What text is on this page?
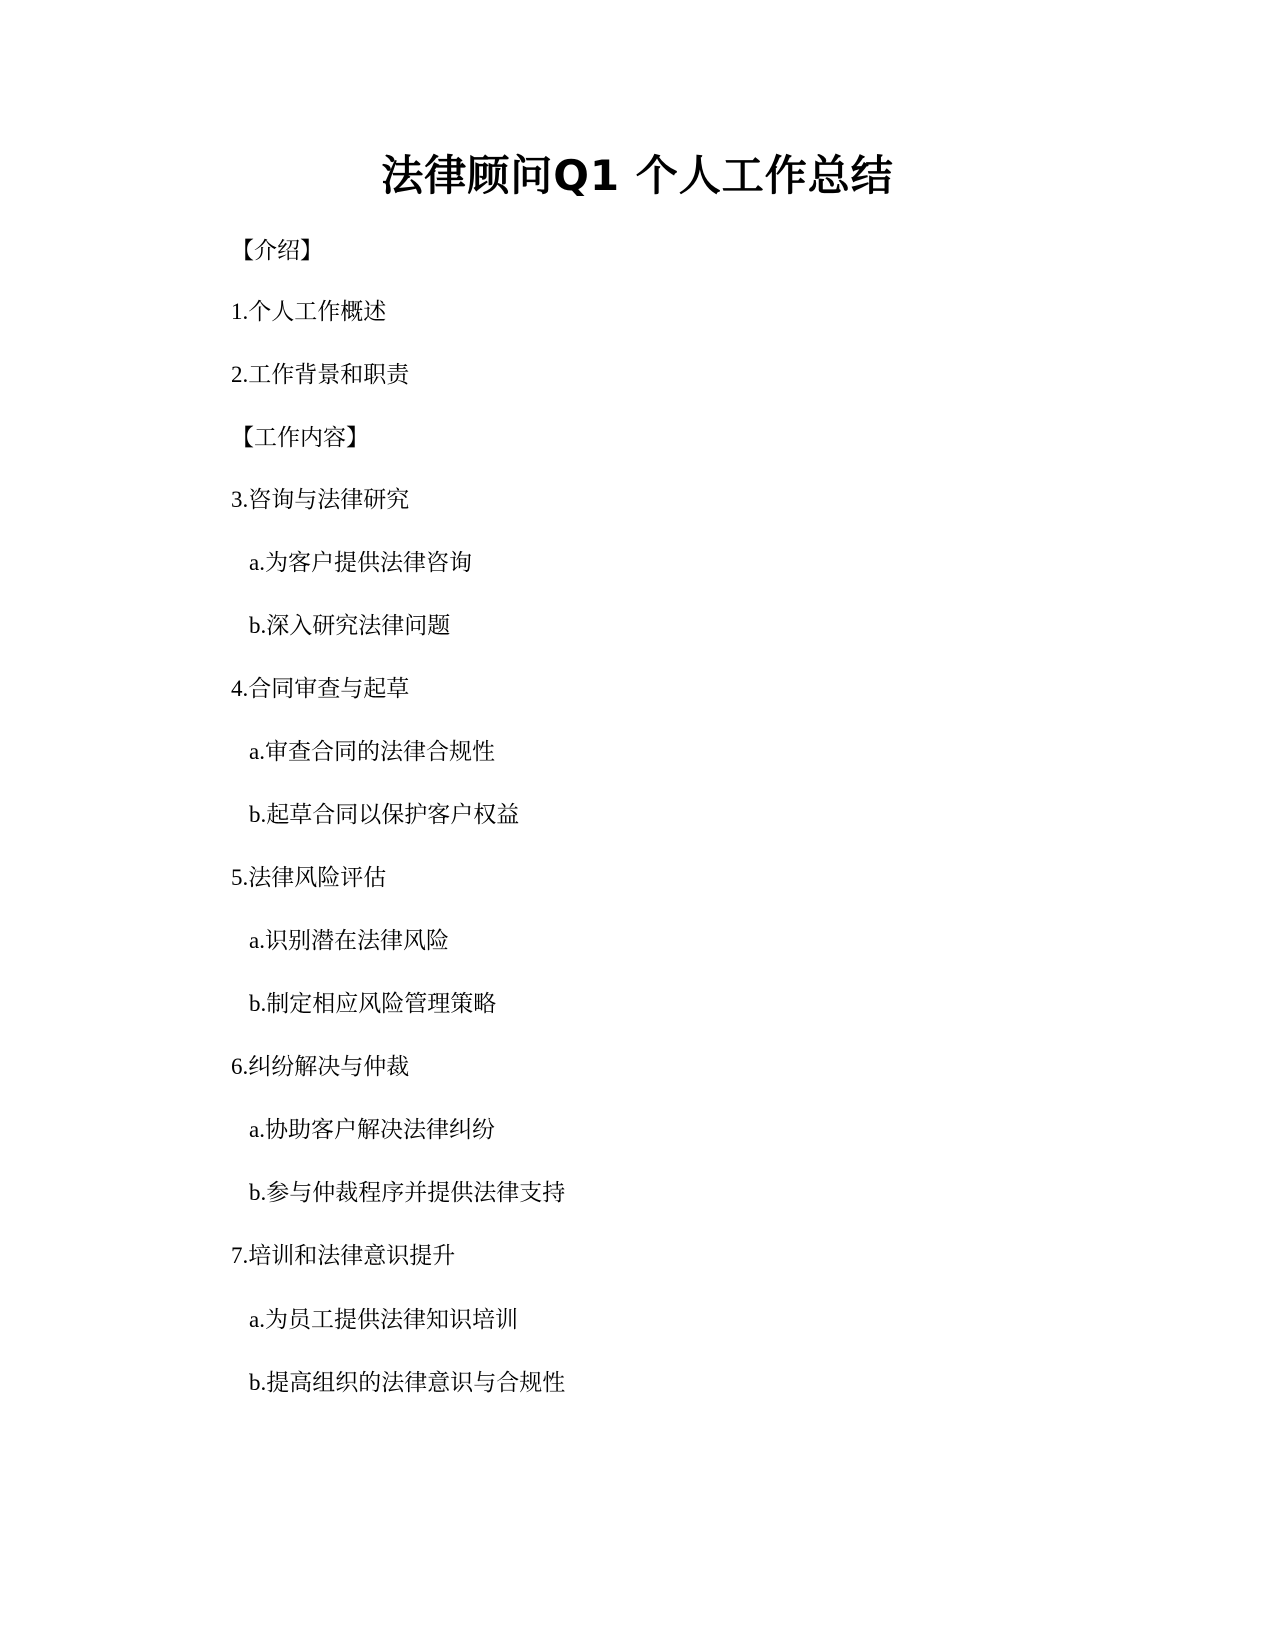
法律顾问Q1 个人工作总结
【介绍】
1.个人工作概述
2.工作背景和职责
【工作内容】
3.咨询与法律研究
a.为客户提供法律咨询
b.深入研究法律问题
4.合同审查与起草
a.审查合同的法律合规性
b.起草合同以保护客户权益
5.法律风险评估
a.识别潜在法律风险
b.制定相应风险管理策略
6.纠纷解决与仲裁
a.协助客户解决法律纠纷
b.参与仲裁程序并提供法律支持
7.培训和法律意识提升
a.为员工提供法律知识培训
b.提高组织的法律意识与合规性
